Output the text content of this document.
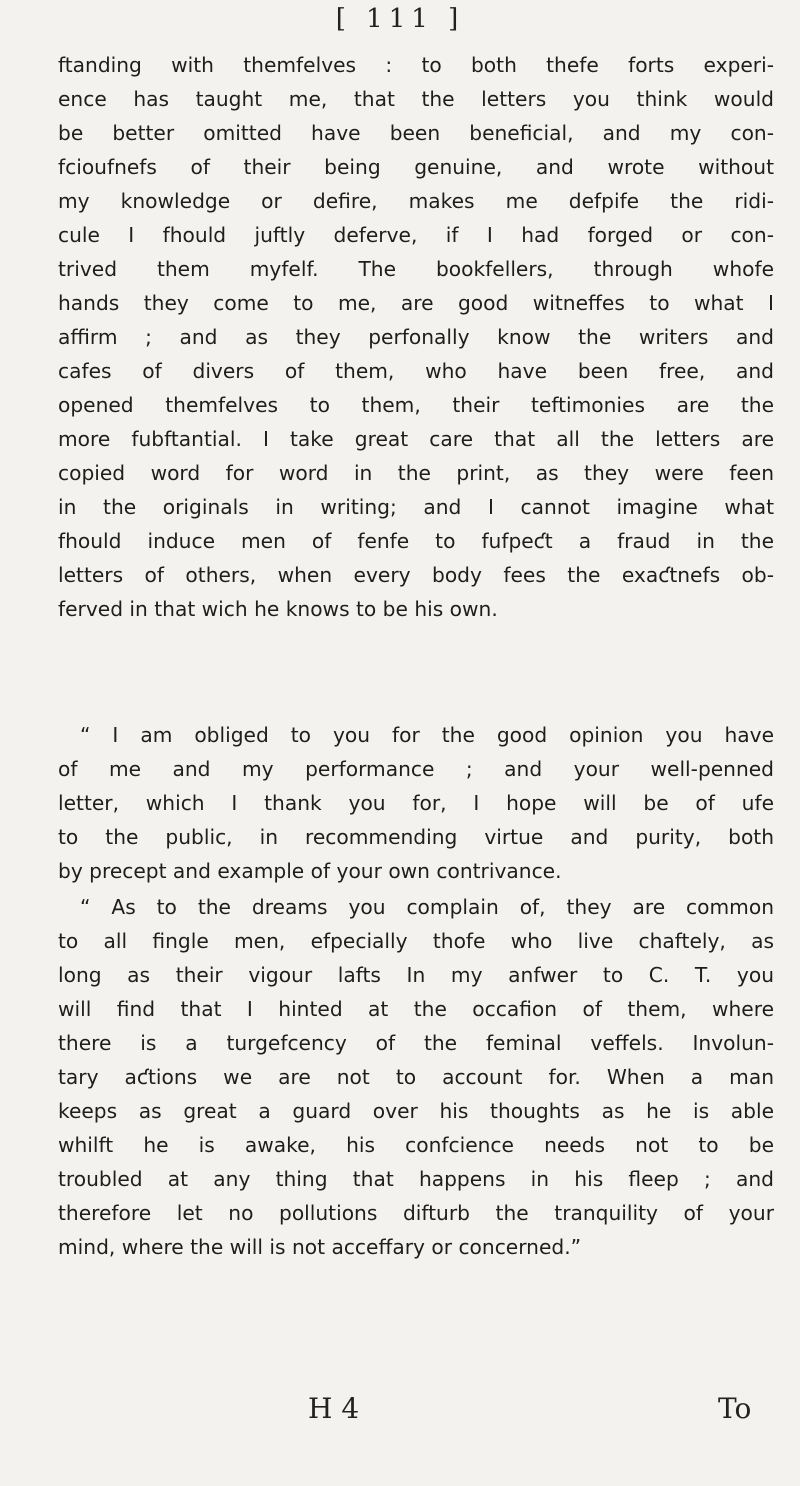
[ 111 ]
ftanding with themfelves : to both thefe forts experi-
ence has taught me, that the letters you think would
be better omitted have been beneficial, and my con-
fcioufnefs of their being genuine, and wrote without
my knowledge or defire, makes me defpife the ridi-
cule I fhould juftly deferve, if I had forged or con-
trived them myfelf. The bookfellers, through whofe
hands they come to me, are good witneffes to what I
affirm ; and as they perfonally know the writers and
cafes of divers of them, who have been free, and
opened themfelves to them, their teftimonies are the
more fubftantial. I take great care that all the letters are
copied word for word in the print, as they were feen
in the originals in writing; and I cannot imagine what
fhould induce men of fenfe to fufpeƈt a fraud in the
letters of others, when every body fees the exaƈtnefs ob-
ferved in that wich he knows to be his own.
“ I am obliged to you for the good opinion you have
of me and my performance ; and your well-penned
letter, which I thank you for, I hope will be of ufe
to the public, in recommending virtue and purity, both
by precept and example of your own contrivance.
“ As to the dreams you complain of, they are common
to all fingle men, efpecially thofe who live chaftely, as
long as their vigour lafts In my anfwer to C. T. you
will find that I hinted at the occafion of them, where
there is a turgefcency of the feminal veffels. Involun-
tary aƈtions we are not to account for. When a man
keeps as great a guard over his thoughts as he is able
whilft he is awake, his confcience needs not to be
troubled at any thing that happens in his fleep ; and
therefore let no pollutions difturb the tranquility of your
mind, where the will is not acceffary or concerned.”
H 4	To
